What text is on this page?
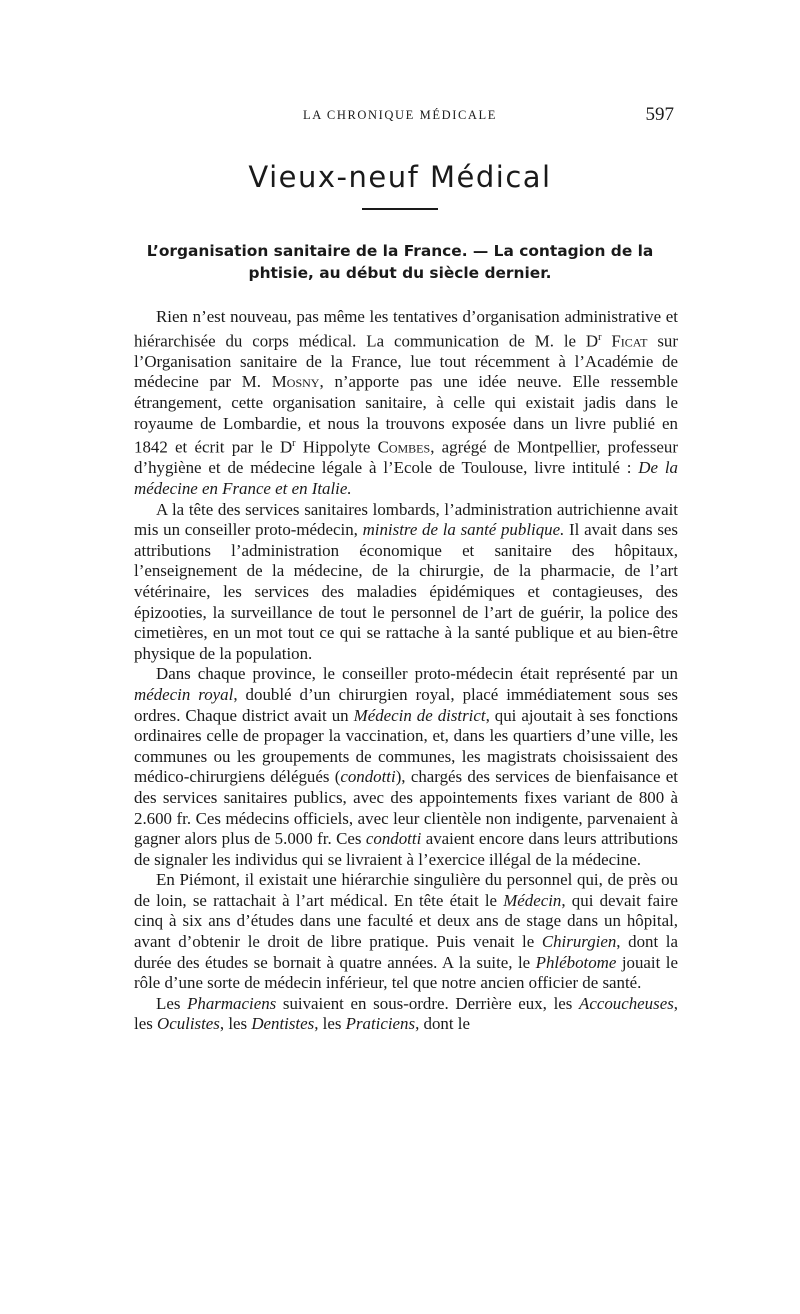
LA CHRONIQUE MÉDICALE	597
Vieux-neuf Médical
L’organisation sanitaire de la France. — La contagion de la phtisie, au début du siècle dernier.

Rien n’est nouveau, pas même les tentatives d’organisation administrative et hiérarchisée du corps médical. La communication de M. le $D^r$ Ficat sur l’Organisation sanitaire de la France, lue tout récemment à l’Académie de médecine par M. Mosny, n’apporte pas une idée neuve. Elle ressemble étrangement, cette organisation sanitaire, à celle qui existait jadis dans le royaume de Lombardie, et nous la trouvons exposée dans un livre publié en 1842 et écrit par le $D^r$ Hippolyte Combes, agrégé de Montpellier, professeur d’hygiène et de médecine légale à l’Ecole de Toulouse, livre intitulé : De la médecine en France et en Italie.

A la tête des services sanitaires lombards, l’administration autrichienne avait mis un conseiller proto-médecin, ministre de la santé publique. Il avait dans ses attributions l’administration économique et sanitaire des hôpitaux, l’enseignement de la médecine, de la chirurgie, de la pharmacie, de l’art vétérinaire, les services des maladies épidémiques et contagieuses, des épizooties, la surveillance de tout le personnel de l’art de guérir, la police des cimetières, en un mot tout ce qui se rattache à la santé publique et au bien-être physique de la population.

Dans chaque province, le conseiller proto-médecin était représenté par un médecin royal, doublé d’un chirurgien royal, placé immédiatement sous ses ordres. Chaque district avait un Médecin de district, qui ajoutait à ses fonctions ordinaires celle de propager la vaccination, et, dans les quartiers d’une ville, les communes ou les groupements de communes, les magistrats choisissaient des médico-chirurgiens délégués (condotti), chargés des services de bienfaisance et des services sanitaires publics, avec des appointements fixes variant de 800 à 2.600 fr. Ces médecins officiels, avec leur clientèle non indigente, parvenaient à gagner alors plus de 5.000 fr. Ces condotti avaient encore dans leurs attributions de signaler les individus qui se livraient à l’exercice illégal de la médecine.

En Piémont, il existait une hiérarchie singulière du personnel qui, de près ou de loin, se rattachait à l’art médical. En tête était le Médecin, qui devait faire cinq à six ans d’études dans une faculté et deux ans de stage dans un hôpital, avant d’obtenir le droit de libre pratique. Puis venait le Chirurgien, dont la durée des études se bornait à quatre années. A la suite, le Phlébotome jouait le rôle d’une sorte de médecin inférieur, tel que notre ancien officier de santé.

Les Pharmaciens suivaient en sous-ordre. Derrière eux, les Accoucheuses, les Oculistes, les Dentistes, les Praticiens, dont le
